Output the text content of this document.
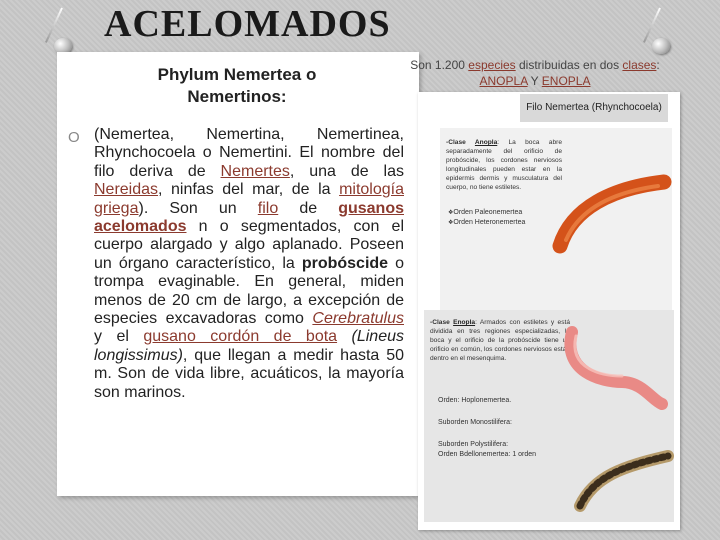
ACELOMADOS
Phylum Nemertea o Nemertinos:
O (Nemertea, Nemertina, Nemertinea, Rhynchocoela o Nemertini. El nombre del filo deriva de Nemertes, una de las Nereidas, ninfas del mar, de la mitología griega). Son un filo de gusanos acelomados n o segmentados, con el cuerpo alargado y algo aplanado. Poseen un órgano característico, la probóscide o trompa evaginable. En general, miden menos de 20 cm de largo, a excepción de especies excavadoras como Cerebratulus y el gusano cordón de bota (Lineus longissimus), que llegan a medir hasta 50 m. Son de vida libre, acuáticos, la mayoría son marinos.

Son 1.200 especies distribuidas en dos clases:
ANOPLA Y ENOPLA
Filo Nemertea (Rhynchocoela)

-Clase Anopla: La boca abre separadamente del orificio de probóscide, los cordones nerviosos longitudinales pueden estar en la epidermis dermis y musculatura del cuerpo, no tiene estiletes.

❖ Orden Paleonemertea
❖ Orden Heteronemertea

-Clase Enopla: Armados con estiletes y está dividida en tres regiones especializadas, la boca y el orificio de la probóscide tiene un orificio en común, los cordones nerviosos están dentro en el mesenquima.

Orden: Hoplonemertea.
Suborden Monostilifera:
Suborden Polystilifera:
Orden Bdellonemertea: 1 orden
